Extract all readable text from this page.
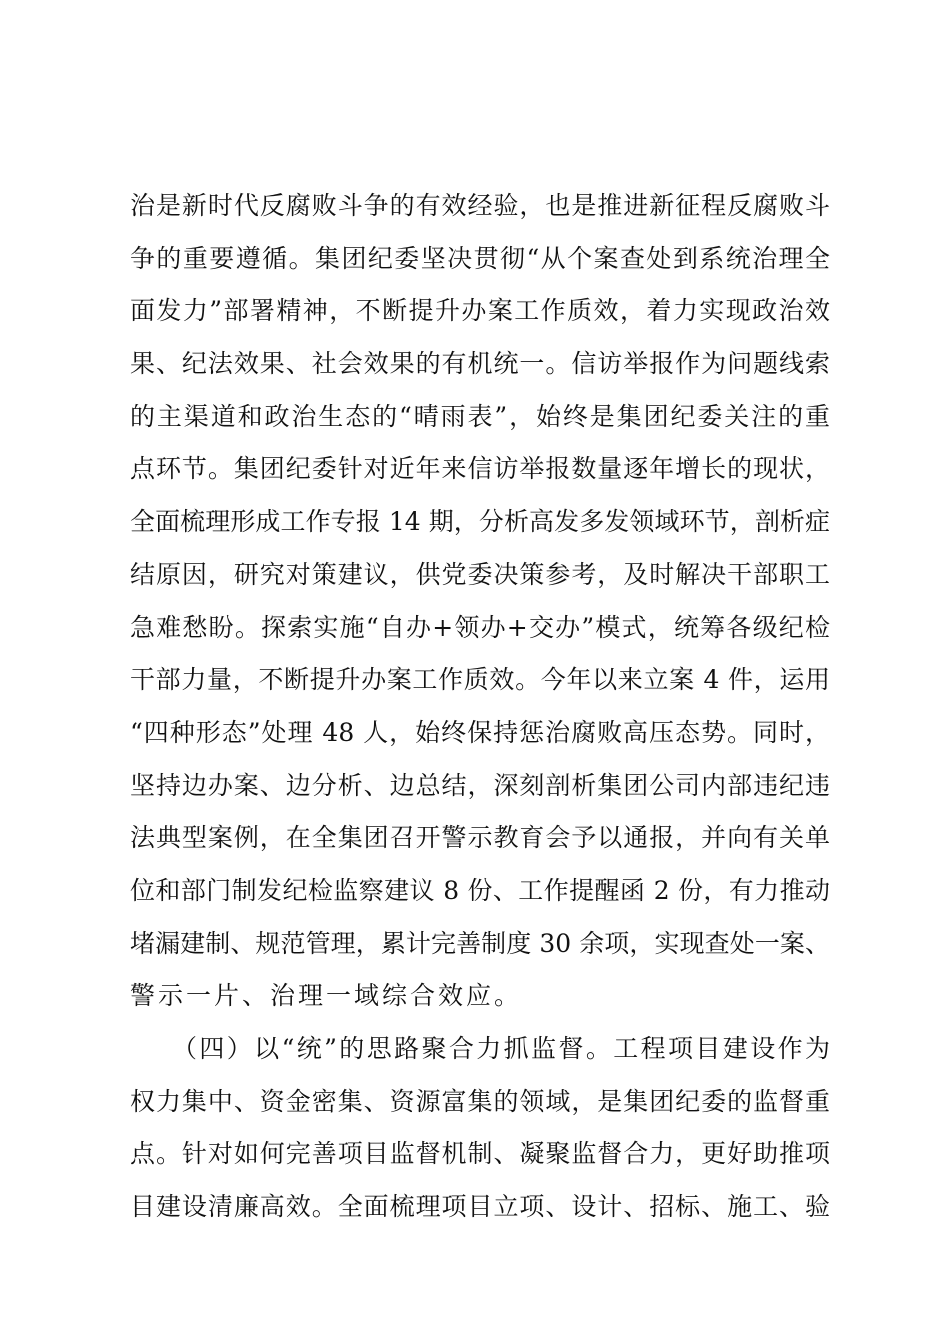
治是新时代反腐败斗争的有效经验，也是推进新征程反腐败斗
争的重要遵循。集团纪委坚决贯彻“从个案查处到系统治理全
面发力”部署精神，不断提升办案工作质效，着力实现政治效
果、纪法效果、社会效果的有机统一。信访举报作为问题线索
的主渠道和政治生态的“晴雨表”，始终是集团纪委关注的重
点环节。集团纪委针对近年来信访举报数量逐年增长的现状，
全面梳理形成工作专报 14 期，分析高发多发领域环节，剖析症
结原因，研究对策建议，供党委决策参考，及时解决干部职工
急难愁盼。探索实施“自办+领办+交办”模式，统筹各级纪检
干部力量，不断提升办案工作质效。今年以来立案 4 件，运用
“四种形态”处理 48 人，始终保持惩治腐败高压态势。同时，
坚持边办案、边分析、边总结，深刻剖析集团公司内部违纪违
法典型案例，在全集团召开警示教育会予以通报，并向有关单
位和部门制发纪检监察建议 8 份、工作提醒函 2 份，有力推动
堵漏建制、规范管理，累计完善制度 30 余项，实现查处一案、
警示一片、治理一域综合效应。
（四）以“统”的思路聚合力抓监督。工程项目建设作为
权力集中、资金密集、资源富集的领域，是集团纪委的监督重
点。针对如何完善项目监督机制、凝聚监督合力，更好助推项
目建设清廉高效。全面梳理项目立项、设计、招标、施工、验
